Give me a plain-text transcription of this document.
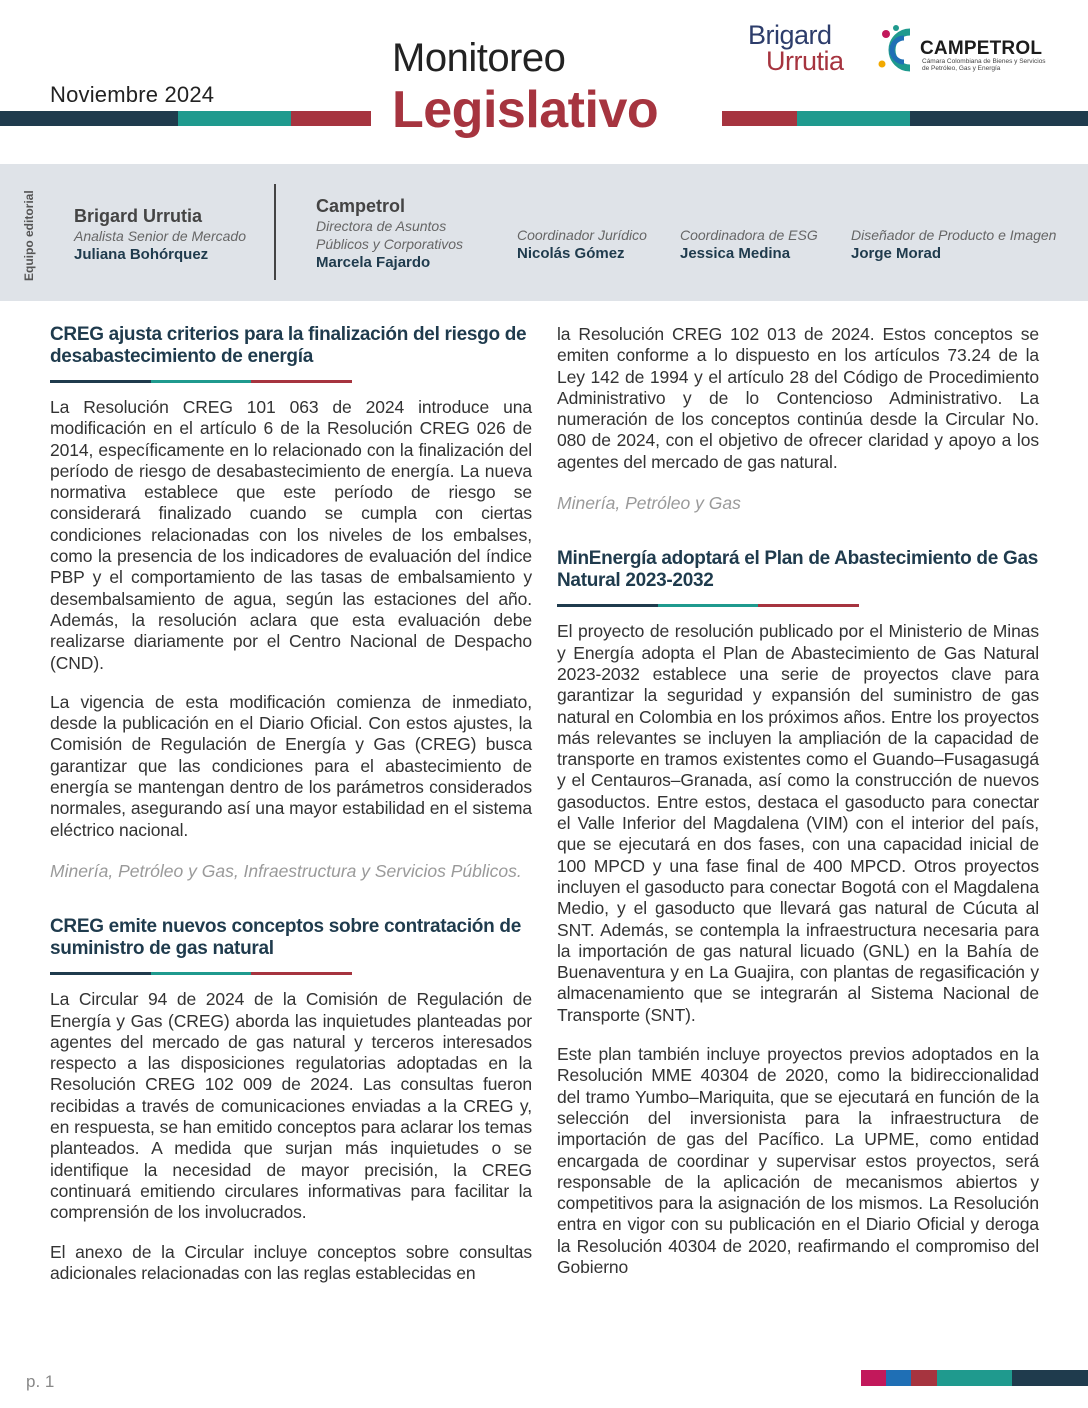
Noviembre 2024
Monitoreo
Legislativo
Brigard
Urrutia	CAMPETROL
Cámara Colombiana de Bienes y Servicios de Petróleo, Gas y Energía
Equipo editorial Brigard Urrutia
Analista Senior de Mercado
Juliana Bohórquez
Campetrol
Directora de Asuntos Públicos y Corporativos
Marcela Fajardo
Coordinador Jurídico
Nicolás Gómez
Coordinadora de ESG
Jessica Medina
Diseñador de Producto e Imagen
Jorge Morad
CREG ajusta criterios para la finalización del riesgo de desabastecimiento de energía

La Resolución CREG 101 063 de 2024 introduce una modificación en el artículo 6 de la Resolución CREG 026 de 2014, específicamente en lo relacionado con la finalización del período de riesgo de desabastecimiento de energía. La nueva normativa establece que este período de riesgo se considerará finalizado cuando se cumpla con ciertas condiciones relacionadas con los niveles de los embalses, como la presencia de los indicadores de evaluación del índice PBP y el comportamiento de las tasas de embalsamiento y desembalsamiento de agua, según las estaciones del año. Además, la resolución aclara que esta evaluación debe realizarse diariamente por el Centro Nacional de Despacho (CND).

La vigencia de esta modificación comienza de inmediato, desde la publicación en el Diario Oficial. Con estos ajustes, la Comisión de Regulación de Energía y Gas (CREG) busca garantizar que las condiciones para el abastecimiento de energía se mantengan dentro de los parámetros considerados normales, asegurando así una mayor estabilidad en el sistema eléctrico nacional.

Minería, Petróleo y Gas, Infraestructura y Servicios Públicos.

CREG emite nuevos conceptos sobre contratación de suministro de gas natural

La Circular 94 de 2024 de la Comisión de Regulación de Energía y Gas (CREG) aborda las inquietudes planteadas por agentes del mercado de gas natural y terceros interesados respecto a las disposiciones regulatorias adoptadas en la Resolución CREG 102 009 de 2024. Las consultas fueron recibidas a través de comunicaciones enviadas a la CREG y, en respuesta, se han emitido conceptos para aclarar los temas planteados. A medida que surjan más inquietudes o se identifique la necesidad de mayor precisión, la CREG continuará emitiendo circulares informativas para facilitar la comprensión de los involucrados.

El anexo de la Circular incluye conceptos sobre consultas adicionales relacionadas con las reglas establecidas en

la Resolución CREG 102 013 de 2024. Estos conceptos se emiten conforme a lo dispuesto en los artículos 73.24 de la Ley 142 de 1994 y el artículo 28 del Código de Procedimiento Administrativo y de lo Contencioso Administrativo. La numeración de los conceptos continúa desde la Circular No. 080 de 2024, con el objetivo de ofrecer claridad y apoyo a los agentes del mercado de gas natural.

Minería, Petróleo y Gas

MinEnergía adoptará el Plan de Abastecimiento de Gas Natural 2023-2032

El proyecto de resolución publicado por el Ministerio de Minas y Energía adopta el Plan de Abastecimiento de Gas Natural 2023-2032 establece una serie de proyectos clave para garantizar la seguridad y expansión del suministro de gas natural en Colombia en los próximos años. Entre los proyectos más relevantes se incluyen la ampliación de la capacidad de transporte en tramos existentes como el Guando–Fusagasugá y el Centauros–Granada, así como la construcción de nuevos gasoductos. Entre estos, destaca el gasoducto para conectar el Valle Inferior del Magdalena (VIM) con el interior del país, que se ejecutará en dos fases, con una capacidad inicial de 100 MPCD y una fase final de 400 MPCD. Otros proyectos incluyen el gasoducto para conectar Bogotá con el Magdalena Medio, y el gasoducto que llevará gas natural de Cúcuta al SNT. Además, se contempla la infraestructura necesaria para la importación de gas natural licuado (GNL) en la Bahía de Buenaventura y en La Guajira, con plantas de regasificación y almacenamiento que se integrarán al Sistema Nacional de Transporte (SNT).

Este plan también incluye proyectos previos adoptados en la Resolución MME 40304 de 2020, como la bidireccionalidad del tramo Yumbo–Mariquita, que se ejecutará en función de la selección del inversionista para la infraestructura de importación de gas del Pacífico. La UPME, como entidad encargada de coordinar y supervisar estos proyectos, será responsable de la aplicación de mecanismos abiertos y competitivos para la asignación de los mismos. La Resolución entra en vigor con su publicación en el Diario Oficial y deroga la Resolución 40304 de 2020, reafirmando el compromiso del Gobierno

p. 1
